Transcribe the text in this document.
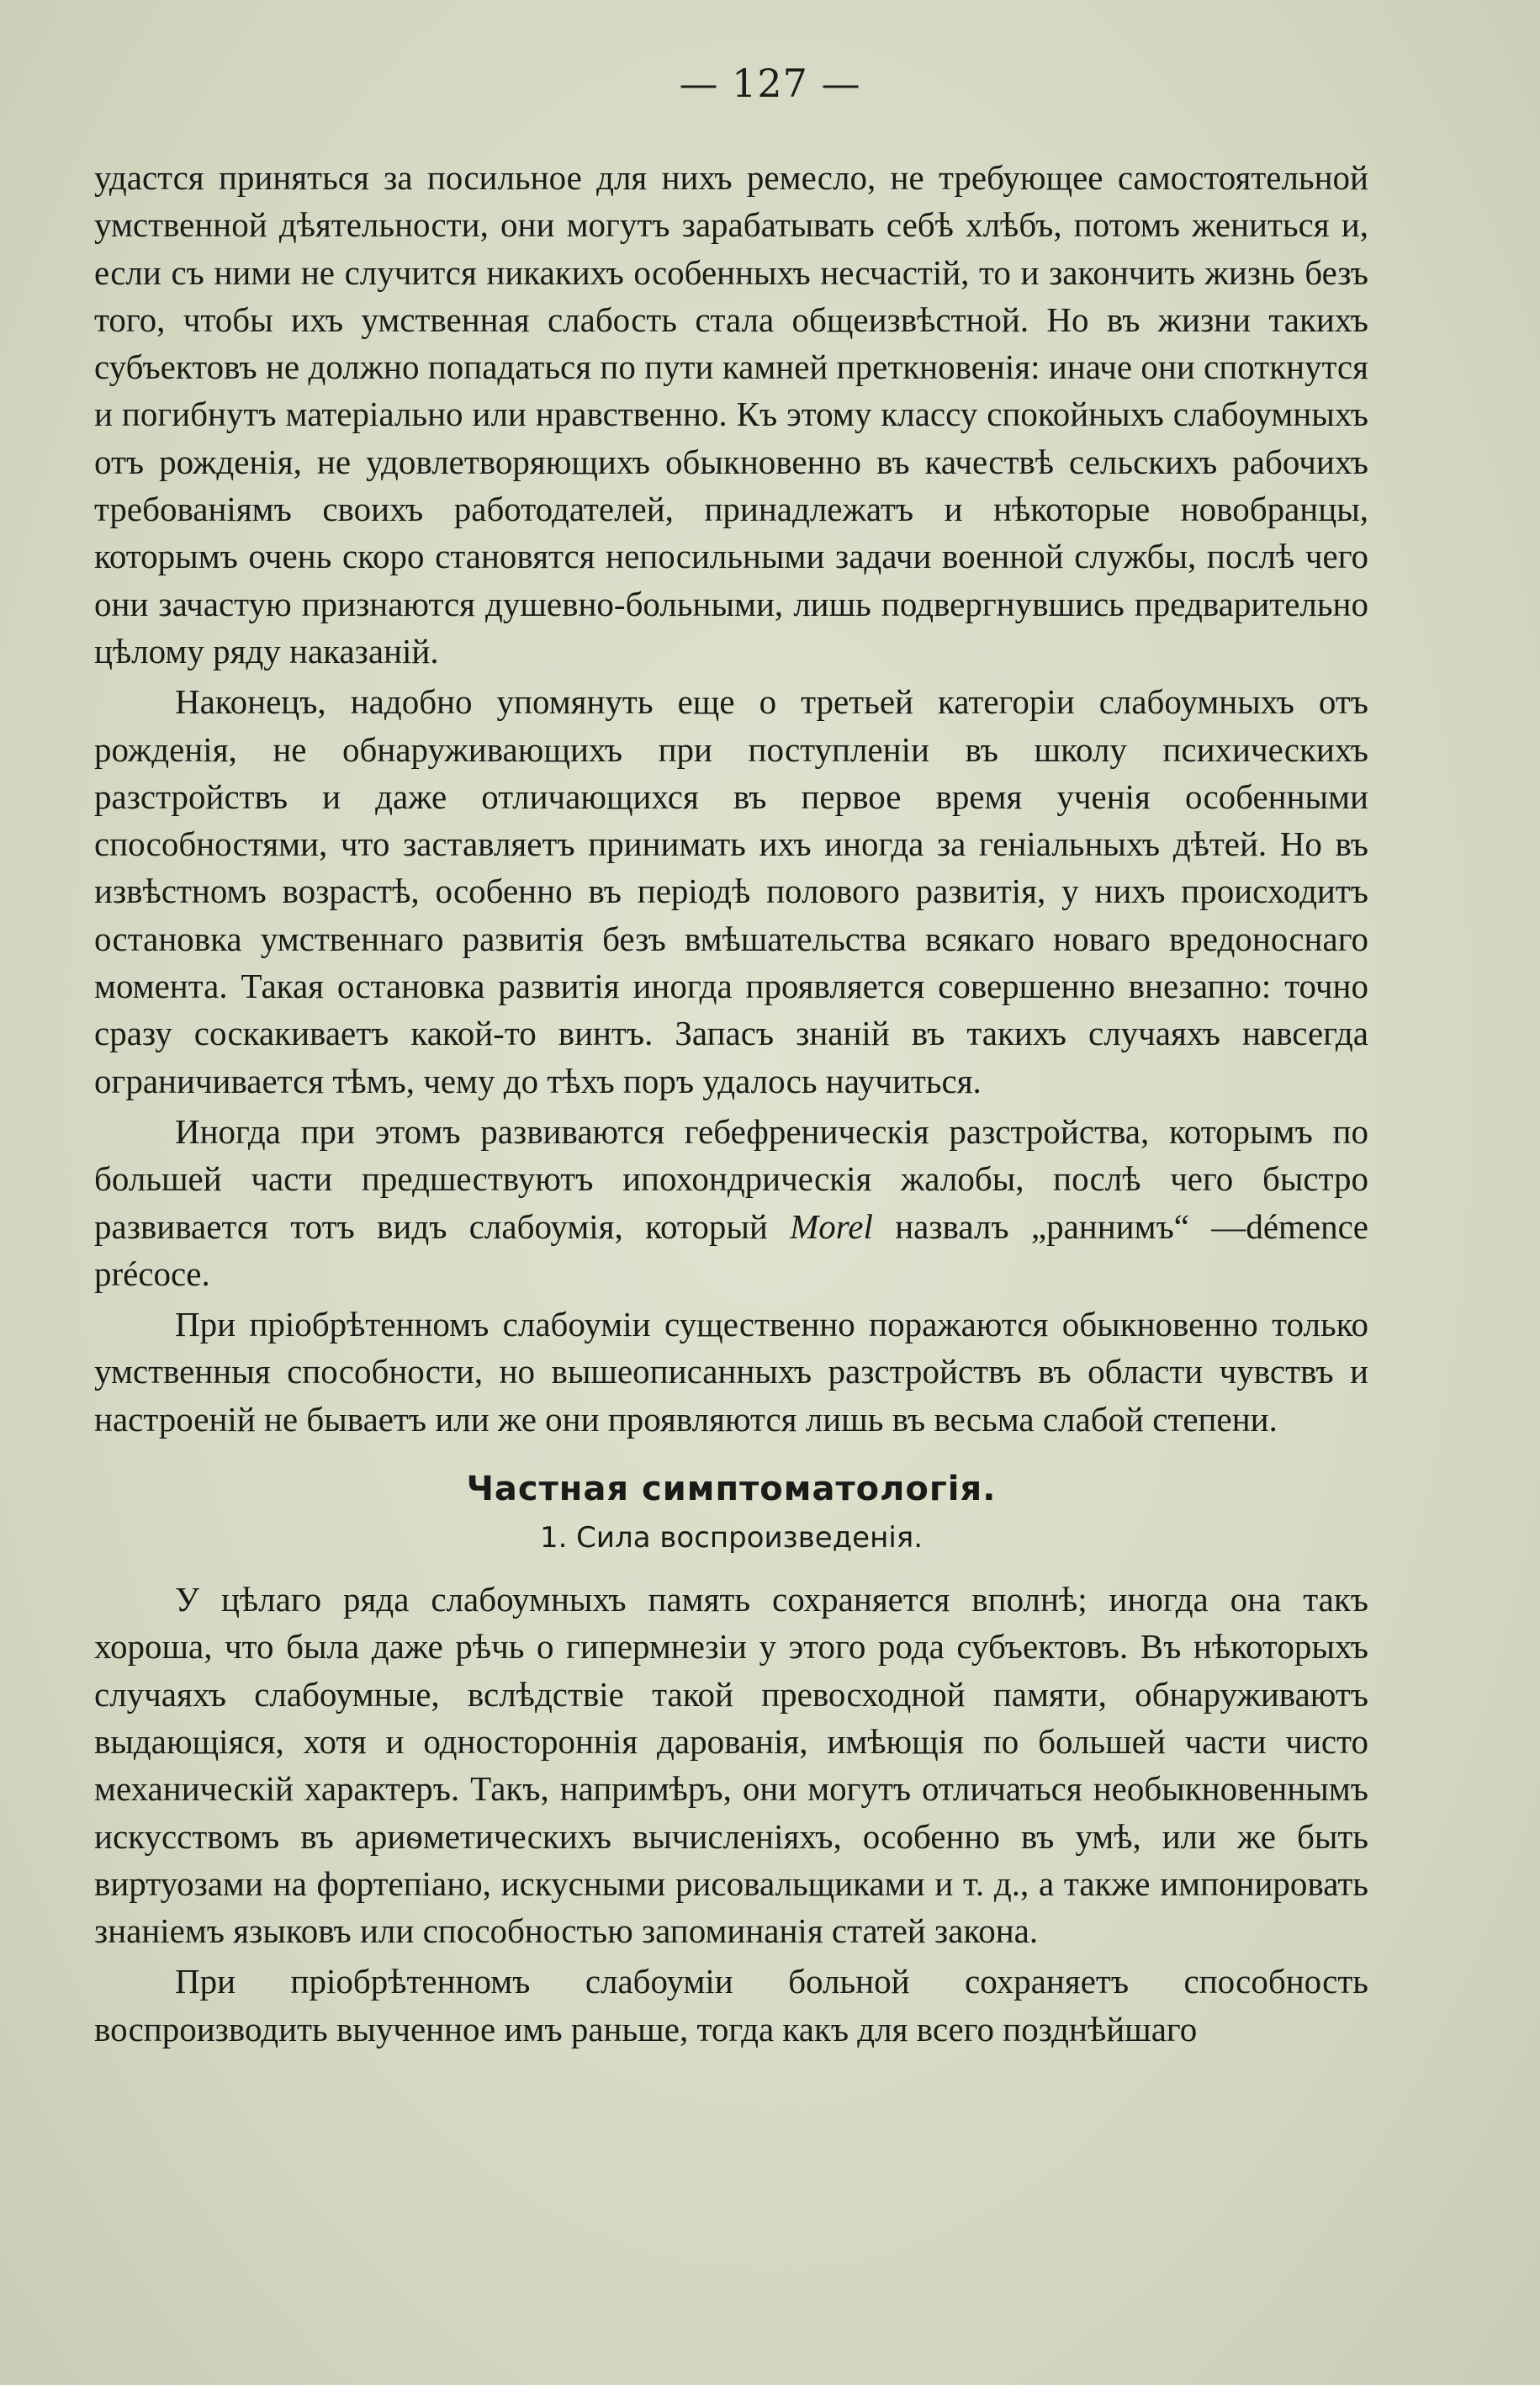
— 127 —

удастся приняться за посильное для нихъ ремесло, не требующее самостоятельной умственной дѣятельности, они могутъ зарабатывать себѣ хлѣбъ, потомъ жениться и, если съ ними не случится никакихъ особенныхъ несчастій, то и закончить жизнь безъ того, чтобы ихъ умственная слабость стала общеизвѣстной. Но въ жизни такихъ субъектовъ не должно попадаться по пути камней преткновенія: иначе они споткнутся и погибнутъ матеріально или нравственно. Къ этому классу спокойныхъ слабоумныхъ отъ рожденія, не удовлетворяющихъ обыкновенно въ качествѣ сельскихъ рабочихъ требованіямъ своихъ работодателей, принадлежатъ и нѣкоторые новобранцы, которымъ очень скоро становятся непосильными задачи военной службы, послѣ чего они зачастую признаются душевно-больными, лишь подвергнувшись предварительно цѣлому ряду наказаній.

Наконецъ, надобно упомянуть еще о третьей категоріи слабоумныхъ отъ рожденія, не обнаруживающихъ при поступленіи въ школу психическихъ разстройствъ и даже отличающихся въ первое время ученія особенными способностями, что заставляетъ принимать ихъ иногда за геніальныхъ дѣтей. Но въ извѣстномъ возрастѣ, особенно въ періодѣ полового развитія, у нихъ происходитъ остановка умственнаго развитія безъ вмѣшательства всякаго новаго вредоноснаго момента. Такая остановка развитія иногда проявляется совершенно внезапно: точно сразу соскакиваетъ какой-то винтъ. Запасъ знаній въ такихъ случаяхъ навсегда ограничивается тѣмъ, чему до тѣхъ поръ удалось научиться.

Иногда при этомъ развиваются гебефреническія разстройства, которымъ по большей части предшествуютъ ипохондрическія жалобы, послѣ чего быстро развивается тотъ видъ слабоумія, который Morel назвалъ „раннимъ“ —démence précoce.

При пріобрѣтенномъ слабоуміи существенно поражаются обыкновенно только умственныя способности, но вышеописанныхъ разстройствъ въ области чувствъ и настроеній не бываетъ или же они проявляются лишь въ весьма слабой степени.

Частная симптоматологія.
1. Сила воспроизведенія.

У цѣлаго ряда слабоумныхъ память сохраняется вполнѣ; иногда она такъ хороша, что была даже рѣчь о гипермнезіи у этого рода субъектовъ. Въ нѣкоторыхъ случаяхъ слабоумные, вслѣдствіе такой превосходной памяти, обнаруживаютъ выдающіяся, хотя и одностороннія дарованія, имѣющія по большей части чисто механическій характеръ. Такъ, напримѣръ, они могутъ отличаться необыкновеннымъ искусствомъ въ ариѳметическихъ вычисленіяхъ, особенно въ умѣ, или же быть виртуозами на фортепіано, искусными рисовальщиками и т. д., а также импонировать знаніемъ языковъ или способностью запоминанія статей закона.

При пріобрѣтенномъ слабоуміи больной сохраняетъ способность воспроизводить выученное имъ раньше, тогда какъ для всего позднѣйшаго
